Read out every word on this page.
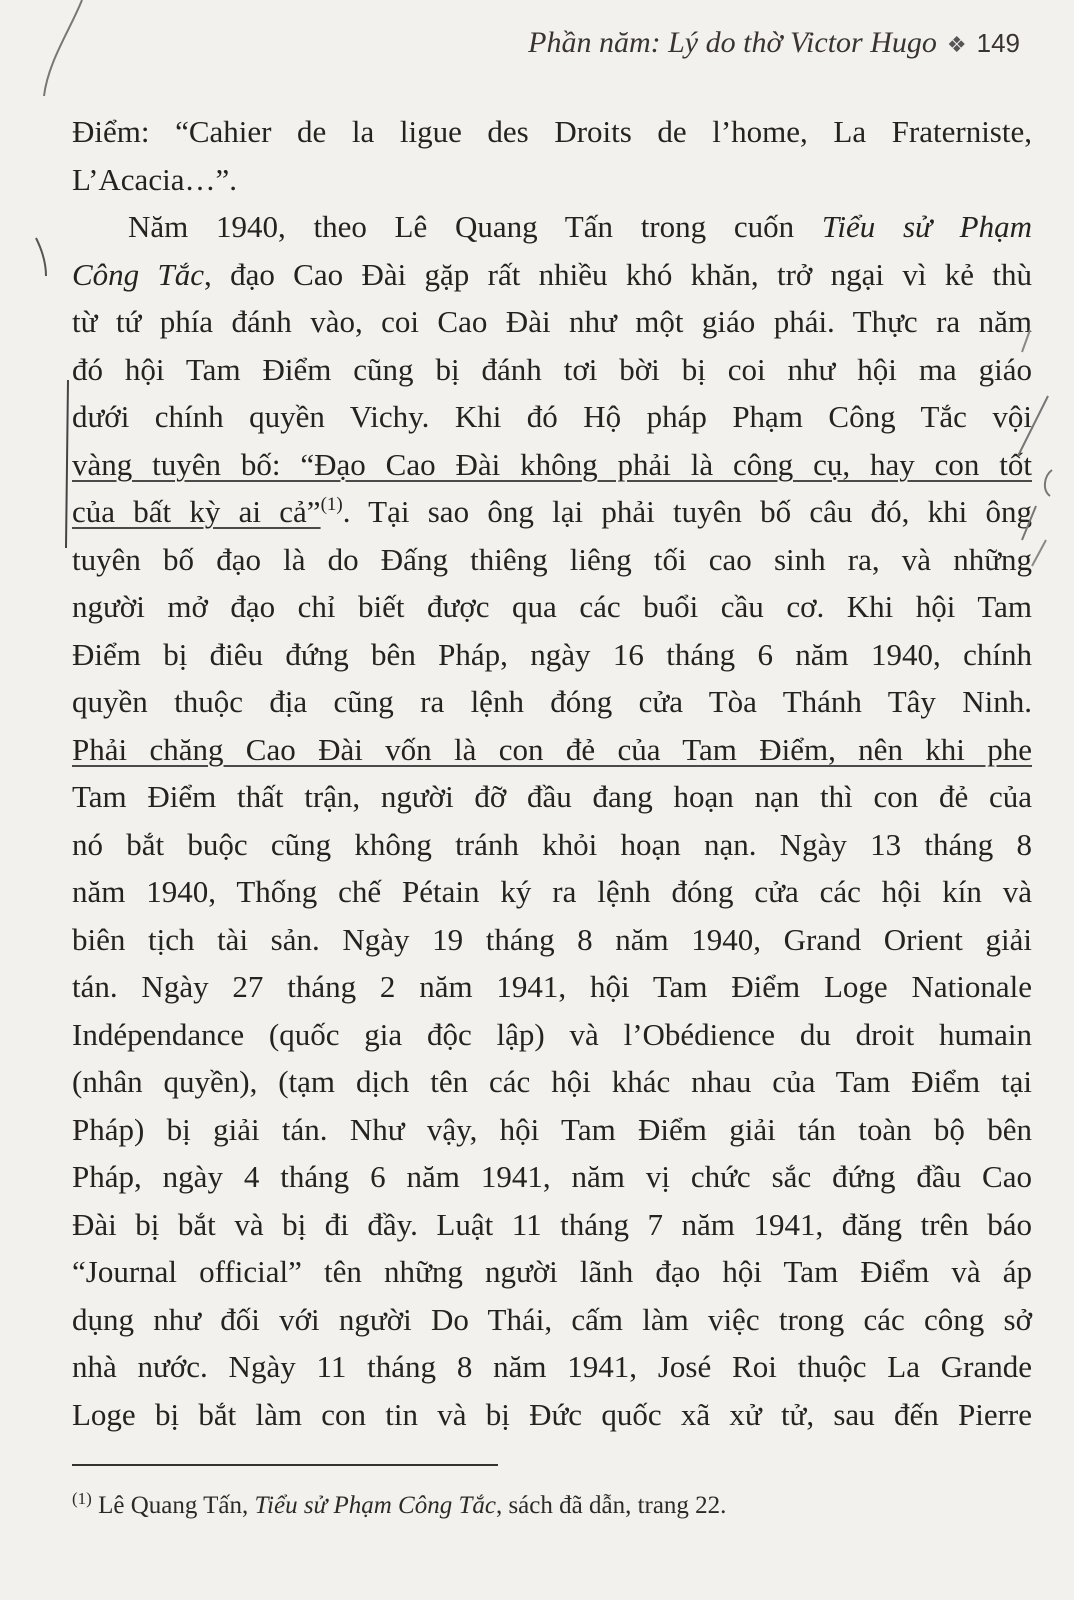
Phần năm: Lý do thờ Victor Hugo ❖ 149

Điểm: “Cahier de la ligue des Droits de l’home, La Fraterniste,
L’Acacia…”.

Năm 1940, theo Lê Quang Tấn trong cuốn Tiểu sử Phạm
Công Tắc, đạo Cao Đài gặp rất nhiều khó khăn, trở ngại vì kẻ thù
từ tứ phía đánh vào, coi Cao Đài như một giáo phái. Thực ra năm
đó hội Tam Điểm cũng bị đánh tơi bời bị coi như hội ma giáo
dưới chính quyền Vichy. Khi đó Hộ pháp Phạm Công Tắc vội
vàng tuyên bố: “Đạo Cao Đài không phải là công cụ, hay con tốt
của bất kỳ ai cả”$^{(1)}$. Tại sao ông lại phải tuyên bố câu đó, khi ông
tuyên bố đạo là do Đấng thiêng liêng tối cao sinh ra, và những
người mở đạo chỉ biết được qua các buổi cầu cơ. Khi hội Tam
Điểm bị điêu đứng bên Pháp, ngày 16 tháng 6 năm 1940, chính
quyền thuộc địa cũng ra lệnh đóng cửa Tòa Thánh Tây Ninh.
Phải chăng Cao Đài vốn là con đẻ của Tam Điểm, nên khi phe
Tam Điểm thất trận, người đỡ đầu đang hoạn nạn thì con đẻ của
nó bắt buộc cũng không tránh khỏi hoạn nạn. Ngày 13 tháng 8
năm 1940, Thống chế Pétain ký ra lệnh đóng cửa các hội kín và
biên tịch tài sản. Ngày 19 tháng 8 năm 1940, Grand Orient giải
tán. Ngày 27 tháng 2 năm 1941, hội Tam Điểm Loge Nationale
Indépendance (quốc gia độc lập) và l’Obédience du droit humain
(nhân quyền), (tạm dịch tên các hội khác nhau của Tam Điểm tại
Pháp) bị giải tán. Như vậy, hội Tam Điểm giải tán toàn bộ bên
Pháp, ngày 4 tháng 6 năm 1941, năm vị chức sắc đứng đầu Cao
Đài bị bắt và bị đi đầy. Luật 11 tháng 7 năm 1941, đăng trên báo
“Journal official” tên những người lãnh đạo hội Tam Điểm và áp
dụng như đối với người Do Thái, cấm làm việc trong các công sở
nhà nước. Ngày 11 tháng 8 năm 1941, José Roi thuộc La Grande
Loge bị bắt làm con tin và bị Đức quốc xã xử tử, sau đến Pierre

$^{(1)}$ Lê Quang Tấn, Tiểu sử Phạm Công Tắc, sách đã dẫn, trang 22.
